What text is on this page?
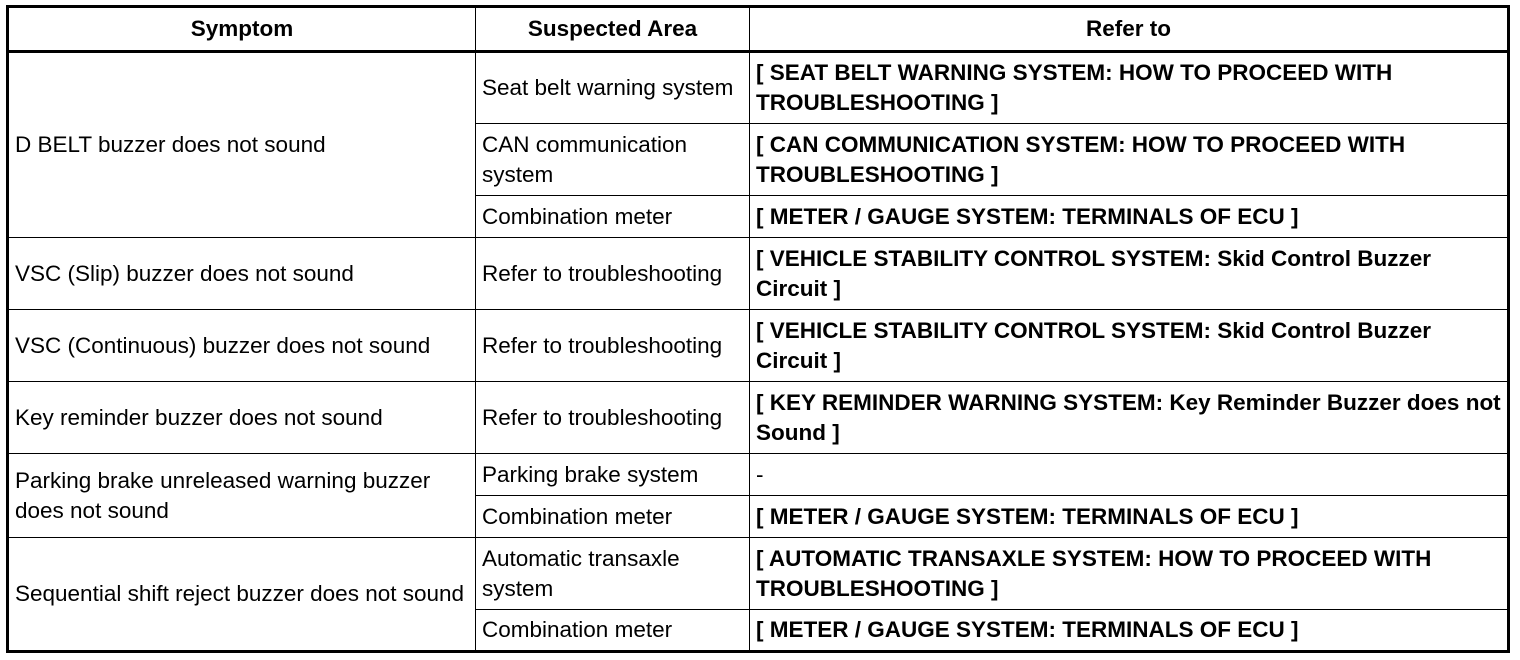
Symptom	Suspected Area	Refer to
D BELT buzzer does not sound	Seat belt warning system	[ SEAT BELT WARNING SYSTEM: HOW TO PROCEED WITH TROUBLESHOOTING ]
	CAN communication system	[ CAN COMMUNICATION SYSTEM: HOW TO PROCEED WITH TROUBLESHOOTING ]
	Combination meter	[ METER / GAUGE SYSTEM: TERMINALS OF ECU ]
VSC (Slip) buzzer does not sound	Refer to troubleshooting	[ VEHICLE STABILITY CONTROL SYSTEM: Skid Control Buzzer Circuit ]
VSC (Continuous) buzzer does not sound	Refer to troubleshooting	[ VEHICLE STABILITY CONTROL SYSTEM: Skid Control Buzzer Circuit ]
Key reminder buzzer does not sound	Refer to troubleshooting	[ KEY REMINDER WARNING SYSTEM: Key Reminder Buzzer does not Sound ]
Parking brake unreleased warning buzzer does not sound	Parking brake system	-
	Combination meter	[ METER / GAUGE SYSTEM: TERMINALS OF ECU ]
Sequential shift reject buzzer does not sound	Automatic transaxle system	[ AUTOMATIC TRANSAXLE SYSTEM: HOW TO PROCEED WITH TROUBLESHOOTING ]
	Combination meter	[ METER / GAUGE SYSTEM: TERMINALS OF ECU ]
